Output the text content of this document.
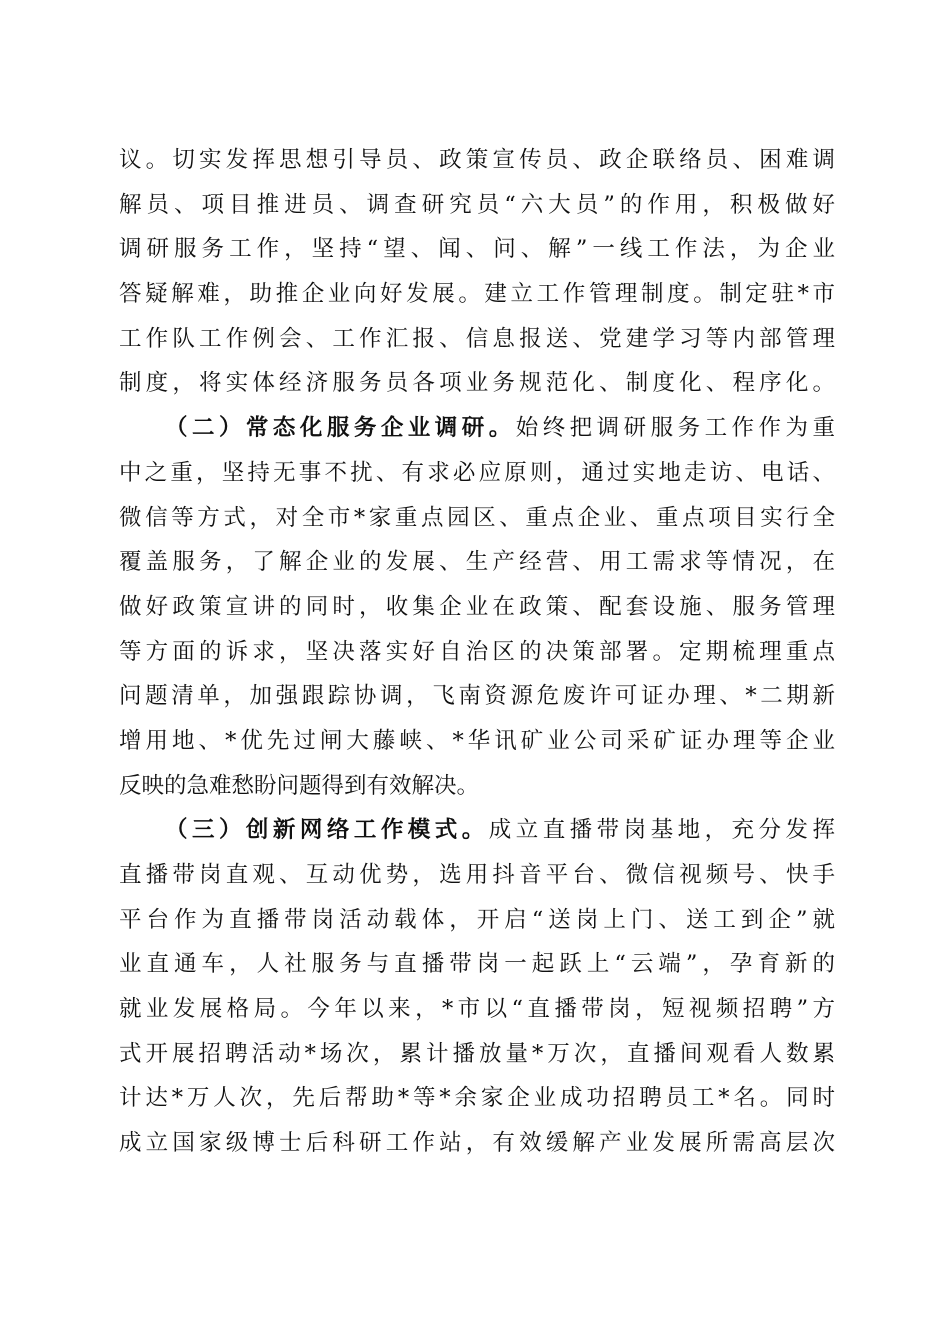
议。切实发挥思想引导员、政策宣传员、政企联络员、困难调
解员、项目推进员、调查研究员“六大员”的作用，积极做好
调研服务工作，坚持“望、闻、问、解”一线工作法，为企业
答疑解难，助推企业向好发展。建立工作管理制度。制定驻*市
工作队工作例会、工作汇报、信息报送、党建学习等内部管理
制度，将实体经济服务员各项业务规范化、制度化、程序化。
（二）常态化服务企业调研。始终把调研服务工作作为重
中之重，坚持无事不扰、有求必应原则，通过实地走访、电话、
微信等方式，对全市*家重点园区、重点企业、重点项目实行全
覆盖服务，了解企业的发展、生产经营、用工需求等情况，在
做好政策宣讲的同时，收集企业在政策、配套设施、服务管理
等方面的诉求，坚决落实好自治区的决策部署。定期梳理重点
问题清单，加强跟踪协调，飞南资源危废许可证办理、*二期新
增用地、*优先过闸大藤峡、*华讯矿业公司采矿证办理等企业
反映的急难愁盼问题得到有效解决。
（三）创新网络工作模式。成立直播带岗基地，充分发挥
直播带岗直观、互动优势，选用抖音平台、微信视频号、快手
平台作为直播带岗活动载体，开启“送岗上门、送工到企”就
业直通车，人社服务与直播带岗一起跃上“云端”，孕育新的
就业发展格局。今年以来，*市以“直播带岗，短视频招聘”方
式开展招聘活动*场次，累计播放量*万次，直播间观看人数累
计达*万人次，先后帮助*等*余家企业成功招聘员工*名。同时
成立国家级博士后科研工作站，有效缓解产业发展所需高层次
